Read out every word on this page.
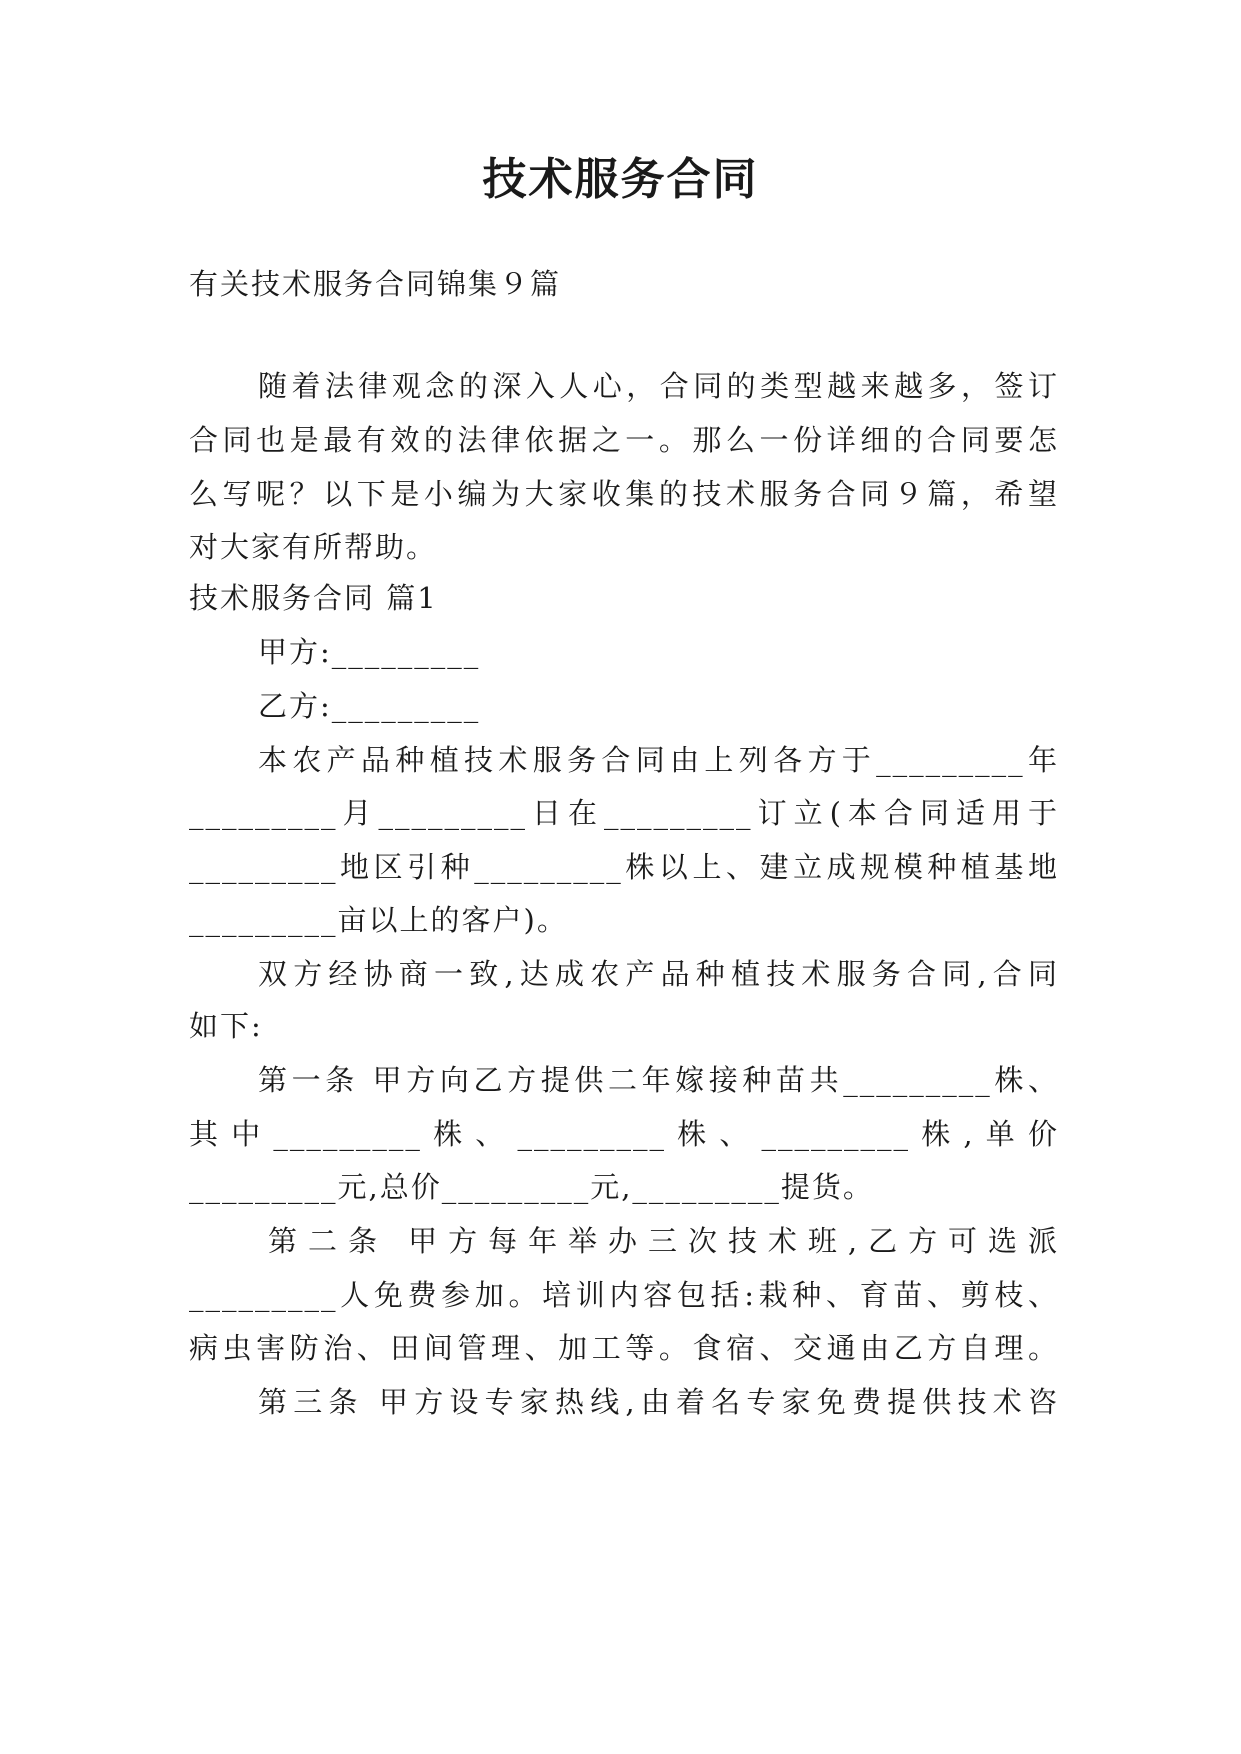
技术服务合同
有关技术服务合同锦集９篇
随着法律观念的深入人心，合同的类型越来越多，签订
合同也是最有效的法律依据之一。那么一份详细的合同要怎
么写呢？以下是小编为大家收集的技术服务合同９篇，希望
对大家有所帮助。
技术服务合同 篇1
甲方:_________
乙方:_________
本农产品种植技术服务合同由上列各方于_________年
_________月_________日在_________订立(本合同适用于
_________地区引种_________株以上、建立成规模种植基地
_________亩以上的客户)。
双方经协商一致,达成农产品种植技术服务合同,合同
如下:
第一条 甲方向乙方提供二年嫁接种苗共_________株、
其中_________株、_________株、_________株,单价
_________元,总价_________元,_________提货。
第二条 甲方每年举办三次技术班,乙方可选派
_________人免费参加。培训内容包括:栽种、育苗、剪枝、
病虫害防治、田间管理、加工等。食宿、交通由乙方自理。
第三条 甲方设专家热线,由着名专家免费提供技术咨
